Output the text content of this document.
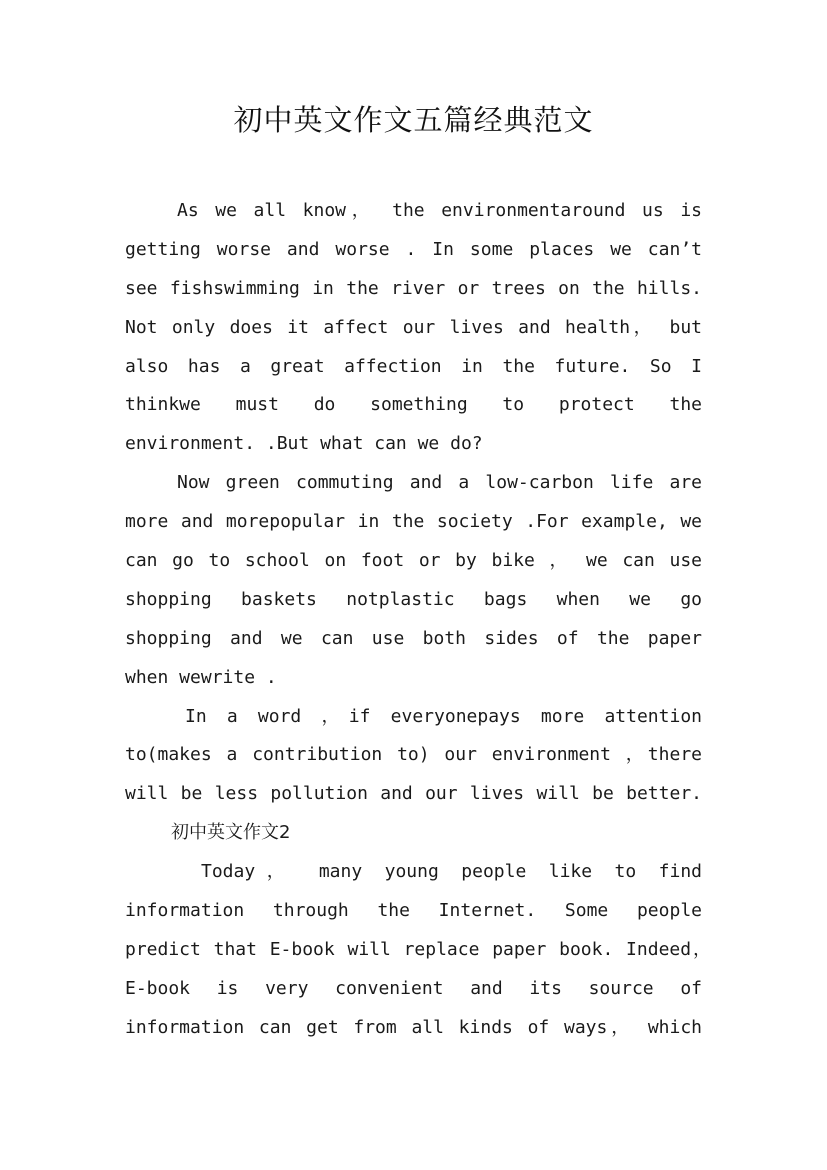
初中英文作文五篇经典范文
As we all know， the environmentaround us is
getting worse and worse . In some places we can’t
see fishswimming in the river or trees on the hills.
Not only does it affect our lives and health， but
also has a great affection in the future. So I
thinkwe must do something to protect the
environment. .But what can we do?
Now green commuting and a low-carbon life are
more and morepopular in the society .For example, we
can go to school on foot or by bike ， we can use
shopping baskets notplastic bags when we go
shopping and we can use both sides of the paper
when wewrite .
In a word ，if everyonepays more attention
to(makes a contribution to) our environment ，there
will be less pollution and our lives will be better.
初中英文作文2
Today， many young people like to find
information through the Internet. Some people
predict that E-book will replace paper book. Indeed，
E-book is very convenient and its source of
information can get from all kinds of ways， which
